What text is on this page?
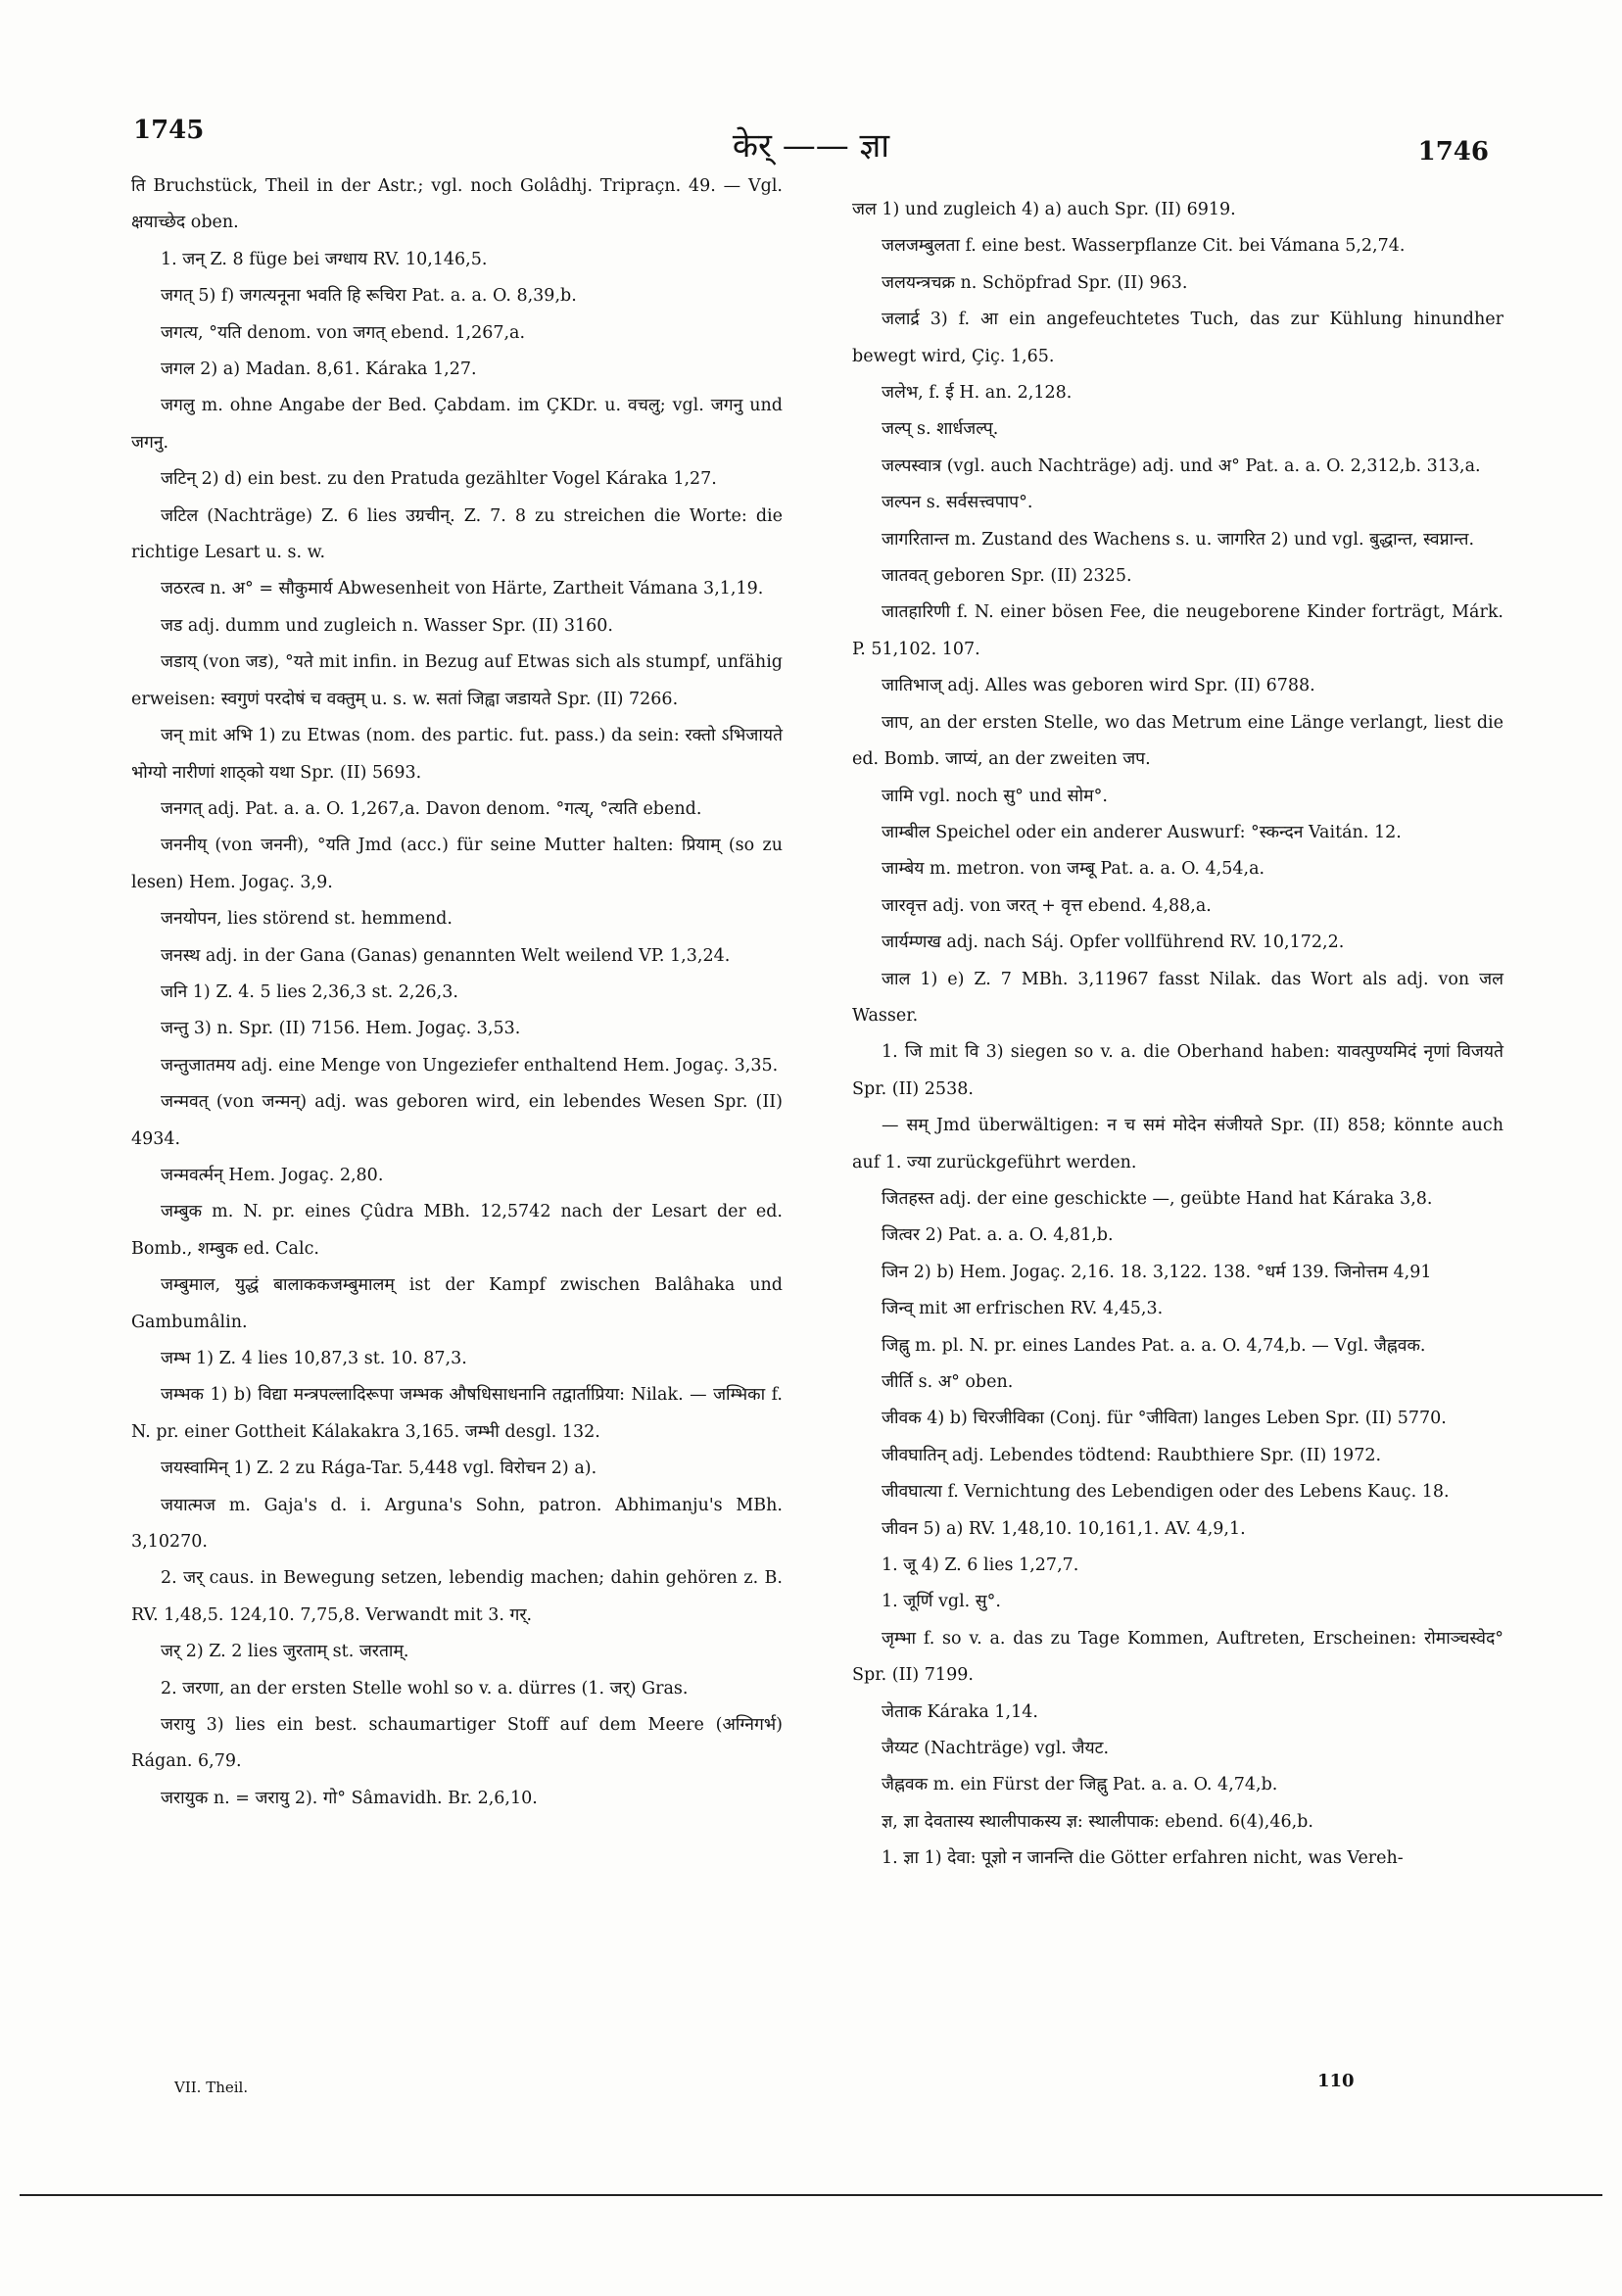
1745	केर् —— ज्ञा	1746

ति Bruchstück, Theil in der Astr.; vgl. noch Golâdhj. Tripraçn. 49. — Vgl. क्षयाच्छेद oben.

1. जन् Z. 8 füge bei जग्धाय RV. 10,146,5.

जगत् 5) f) जगत्यनूना भवति हि रूचिरा Pat. a. a. O. 8,39,b.

जगत्य, °यति denom. von जगत् ebend. 1,267,a.

जगल 2) a) Madan. 8,61. Káraka 1,27.

जगलु m. ohne Angabe der Bed. Çabdam. im ÇKDr. u. वचलु; vgl. जगनु und जगनु.

जटिन् 2) d) ein best. zu den Pratuda gezählter Vogel Káraka 1,27.

जटिल (Nachträge) Z. 6 lies उग्रचीन्. Z. 7. 8 zu streichen die Worte: die richtige Lesart u. s. w.

जठरत्व n. अ° = सौकुमार्य Abwesenheit von Härte, Zartheit Vámana 3,1,19.

जड adj. dumm und zugleich n. Wasser Spr. (II) 3160.

जडाय् (von जड), °यते mit infin. in Bezug auf Etwas sich als stumpf, unfähig erweisen: स्वगुणं परदोषं च वक्तुम् u. s. w. सतां जिह्वा जडायते Spr. (II) 7266.

जन् mit अभि 1) zu Etwas (nom. des partic. fut. pass.) da sein: रक्तो ऽभिजायते भोग्यो नारीणां शाठ्को यथा Spr. (II) 5693.

जनगत् adj. Pat. a. a. O. 1,267,a. Davon denom. °गत्य्, °त्यति ebend.

जननीय् (von जननी), °यति Jmd (acc.) für seine Mutter halten: प्रियाम् (so zu lesen) Hem. Jogaç. 3,9.

जनयोपन, lies störend st. hemmend.

जनस्थ adj. in der Gana (Ganas) genannten Welt weilend VP. 1,3,24.

जनि 1) Z. 4. 5 lies 2,36,3 st. 2,26,3.

जन्तु 3) n. Spr. (II) 7156. Hem. Jogaç. 3,53.

जन्तुजातमय adj. eine Menge von Ungeziefer enthaltend Hem. Jogaç. 3,35.

जन्मवत् (von जन्मन्) adj. was geboren wird, ein lebendes Wesen Spr. (II) 4934.

जन्मवर्त्मन् Hem. Jogaç. 2,80.

जम्बुक m. N. pr. eines Çûdra MBh. 12,5742 nach der Lesart der ed. Bomb., शम्बुक ed. Calc.

जम्बुमाल, युद्धं बालाककजम्बुमालम् ist der Kampf zwischen Balâhaka und Gambumâlin.

जम्भ 1) Z. 4 lies 10,87,3 st. 10. 87,3.

जम्भक 1) b) विद्या मन्त्रपल्लादिरूपा जम्भक औषधिसाधनानि तद्वार्ताप्रिया: Nilak. — जम्भिका f. N. pr. einer Gottheit Kálakakra 3,165. जम्भी desgl. 132.

जयस्वामिन् 1) Z. 2 zu Rága-Tar. 5,448 vgl. विरोचन 2) a).

जयात्मज m. Gaja's d. i. Arguna's Sohn, patron. Abhimanju's MBh. 3,10270.

2. जर् caus. in Bewegung setzen, lebendig machen; dahin gehören z. B. RV. 1,48,5. 124,10. 7,75,8. Verwandt mit 3. गर्.

जर् 2) Z. 2 lies जुरताम् st. जरताम्.

2. जरणा, an der ersten Stelle wohl so v. a. dürres (1. जर्) Gras.

जरायु 3) lies ein best. schaumartiger Stoff auf dem Meere (अग्निगर्भ) Rágan. 6,79.

जरायुक n. = जरायु 2). गो° Sâmavidh. Br. 2,6,10.

जल 1) und zugleich 4) a) auch Spr. (II) 6919.

जलजम्बुलता f. eine best. Wasserpflanze Cit. bei Vámana 5,2,74.

जलयन्त्रचक्र n. Schöpfrad Spr. (II) 963.

जलार्द्र 3) f. आ ein angefeuchtetes Tuch, das zur Kühlung hinundher bewegt wird, Çiç. 1,65.

जलेभ, f. ई H. an. 2,128.

जल्प् s. शार्धजल्प्.

जल्पस्वात्र (vgl. auch Nachträge) adj. und अ° Pat. a. a. O. 2,312,b. 313,a.

जल्पन s. सर्वसत्त्वपाप°.

जागरितान्त m. Zustand des Wachens s. u. जागरित 2) und vgl. बुद्धान्त, स्वप्नान्त.

जातवत् geboren Spr. (II) 2325.

जातहारिणी f. N. einer bösen Fee, die neugeborene Kinder forträgt, Márk. P. 51,102. 107.

जातिभाज् adj. Alles was geboren wird Spr. (II) 6788.

जाप, an der ersten Stelle, wo das Metrum eine Länge verlangt, liest die ed. Bomb. जाप्यं, an der zweiten जप.

जामि vgl. noch सु° und सोम°.

जाम्बील Speichel oder ein anderer Auswurf: °स्कन्दन Vaitán. 12.

जाम्बेय m. metron. von जम्बू Pat. a. a. O. 4,54,a.

जारवृत्त adj. von जरत् + वृत्त ebend. 4,88,a.

जार्यम्णख adj. nach Sáj. Opfer vollführend RV. 10,172,2.

जाल 1) e) Z. 7 MBh. 3,11967 fasst Nilak. das Wort als adj. von जल Wasser.

1. जि mit वि 3) siegen so v. a. die Oberhand haben: यावत्पुण्यमिदं नृणां विजयते Spr. (II) 2538.

— सम् Jmd überwältigen: न च समं मोदेन संजीयते Spr. (II) 858; könnte auch auf 1. ज्या zurückgeführt werden.

जितहस्त adj. der eine geschickte —, geübte Hand hat Káraka 3,8.

जित्वर 2) Pat. a. a. O. 4,81,b.

जिन 2) b) Hem. Jogaç. 2,16. 18. 3,122. 138. °धर्म 139. जिनोत्तम 4,91

जिन्व् mit आ erfrischen RV. 4,45,3.

जिह्नु m. pl. N. pr. eines Landes Pat. a. a. O. 4,74,b. — Vgl. जैह्नवक.

जीर्ति s. अ° oben.

जीवक 4) b) चिरजीविका (Conj. für °जीविता) langes Leben Spr. (II) 5770.

जीवघातिन् adj. Lebendes tödtend: Raubthiere Spr. (II) 1972.

जीवघात्या f. Vernichtung des Lebendigen oder des Lebens Kauç. 18.

जीवन 5) a) RV. 1,48,10. 10,161,1. AV. 4,9,1.

1. जू 4) Z. 6 lies 1,27,7.

1. जूर्णि vgl. सु°.

जृम्भा f. so v. a. das zu Tage Kommen, Auftreten, Erscheinen: रोमाञ्चस्वेद° Spr. (II) 7199.

जेताक Káraka 1,14.

जैय्यट (Nachträge) vgl. जैयट.

जैह्नवक m. ein Fürst der जिह्नु Pat. a. a. O. 4,74,b.

ज्ञ, ज्ञा देवतास्य स्थालीपाकस्य ज्ञ: स्थालीपाक: ebend. 6(4),46,b.

1. ज्ञा 1) देवा: पूज्ञो न जानन्ति die Götter erfahren nicht, was Vereh-

VII. Theil.	110
